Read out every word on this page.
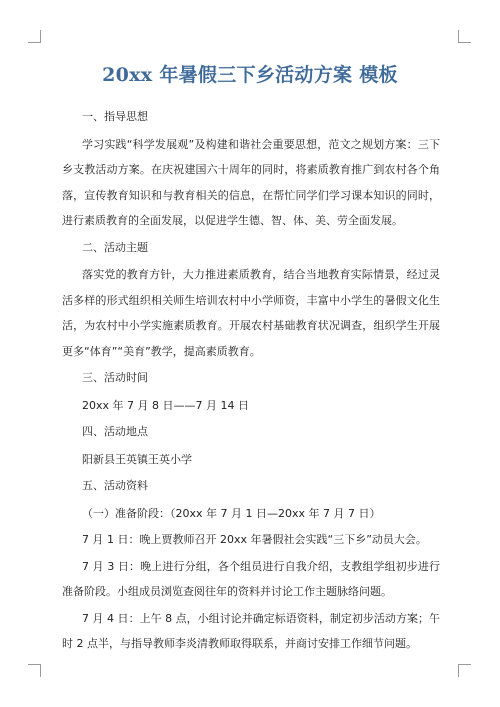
20xx 年暑假三下乡活动方案 模板
一、指导思想
学习实践“科学发展观”及构建和谐社会重要思想，范文之规划方案：三下乡支教活动方案。在庆祝建国六十周年的同时，将素质教育推广到农村各个角落，宣传教育知识和与教育相关的信息，在帮忙同学们学习课本知识的同时，进行素质教育的全面发展，以促进学生德、智、体、美、劳全面发展。
二、活动主题
落实党的教育方针，大力推进素质教育，结合当地教育实际情景，经过灵活多样的形式组织相关师生培训农村中小学师资，丰富中小学生的暑假文化生活，为农村中小学实施素质教育。开展农村基础教育状况调查，组织学生开展更多“体育”“美育”教学，提高素质教育。
三、活动时间
20xx 年 7 月 8 日——7 月 14 日
四、活动地点
阳新县王英镇王英小学
五、活动资料
（一）准备阶段：（20xx 年 7 月 1 日—20xx 年 7 月 7 日）
7 月 1 日：晚上贾教师召开 20xx 年暑假社会实践“三下乡”动员大会。
7 月 3 日：晚上进行分组，各个组员进行自我介绍，支教组学组初步进行准备阶段。小组成员浏览查阅往年的资料并讨论工作主题脉络问题。
7 月 4 日：上午 8 点，小组讨论并确定标语资料，制定初步活动方案；午时 2 点半，与指导教师李炎清教师取得联系，并商讨安排工作细节问题。
